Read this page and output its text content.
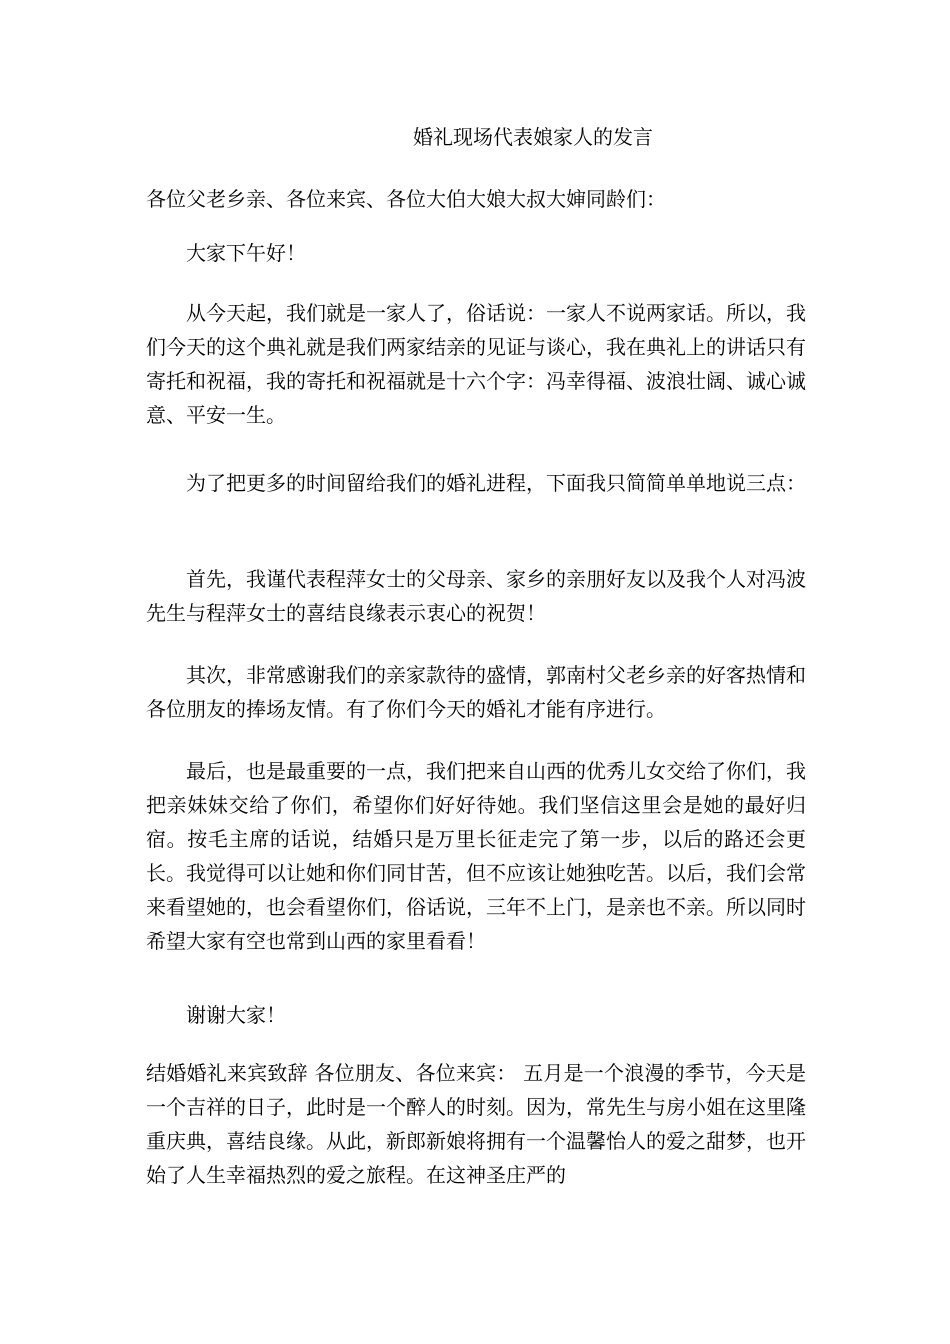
婚礼现场代表娘家人的发言

各位父老乡亲、各位来宾、各位大伯大娘大叔大婶同龄们：

大家下午好！

从今天起，我们就是一家人了，俗话说：一家人不说两家话。所以，我们今天的这个典礼就是我们两家结亲的见证与谈心，我在典礼上的讲话只有寄托和祝福，我的寄托和祝福就是十六个字：冯幸得福、波浪壮阔、诚心诚意、平安一生。

为了把更多的时间留给我们的婚礼进程，下面我只简简单单地说三点：

首先，我谨代表程萍女士的父母亲、家乡的亲朋好友以及我个人对冯波先生与程萍女士的喜结良缘表示衷心的祝贺！

其次，非常感谢我们的亲家款待的盛情，郭南村父老乡亲的好客热情和各位朋友的捧场友情。有了你们今天的婚礼才能有序进行。

最后，也是最重要的一点，我们把来自山西的优秀儿女交给了你们，我把亲妹妹交给了你们，希望你们好好待她。我们坚信这里会是她的最好归宿。按毛主席的话说，结婚只是万里长征走完了第一步，以后的路还会更长。我觉得可以让她和你们同甘苦，但不应该让她独吃苦。以后，我们会常来看望她的，也会看望你们，俗话说，三年不上门，是亲也不亲。所以同时希望大家有空也常到山西的家里看看！

谢谢大家！

结婚婚礼来宾致辞 各位朋友、各位来宾： 五月是一个浪漫的季节，今天是一个吉祥的日子，此时是一个醉人的时刻。因为，常先生与房小姐在这里隆重庆典，喜结良缘。从此，新郎新娘将拥有一个温馨怡人的爱之甜梦，也开始了人生幸福热烈的爱之旅程。在这神圣庄严的
